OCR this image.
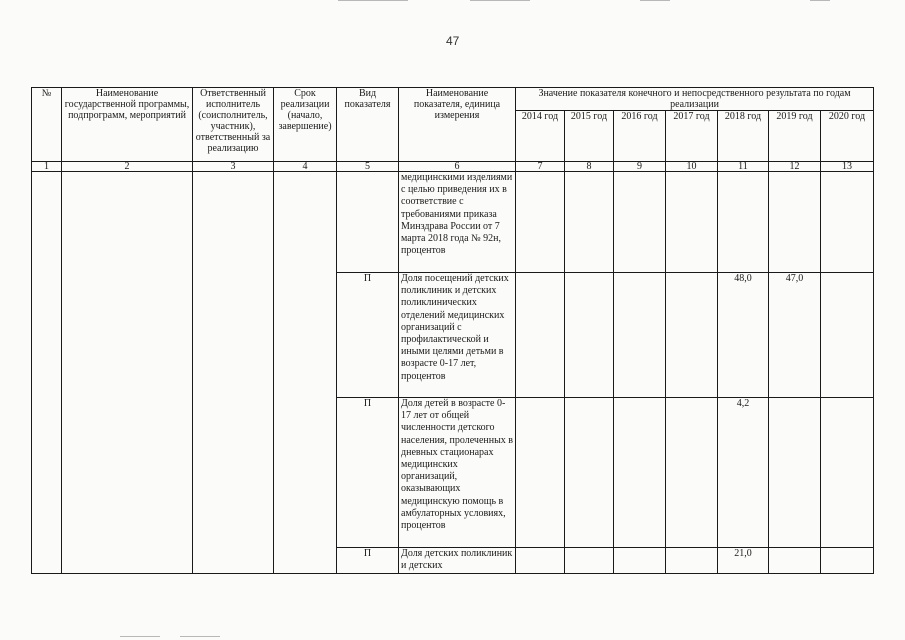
47
№	Наименование государственной программы, подпрограмм, мероприятий	Ответственный исполнитель (соисполнитель, участник), ответственный за реализацию	Срок реализации (начало, завершение)	Вид показателя	Наименование показателя, единица измерения	Значение показателя конечного и непосредственного результата по годам реализации						
						2014 год	2015 год	2016 год	2017 год	2018 год	2019 год	2020 год
1	2	3	4	5	6	7	8	9	10	11	12	13
					медицинскими изделиями с целью приведения их в соответствие с требованиями приказа Минздрава России от 7 марта 2018 года № 92н, процентов							
				П	Доля посещений детских поликлиник и детских поликлинических отделений медицинских организаций с профилактической и иными целями детьми в возрасте 0-17 лет, процентов					48,0	47,0	
				П	Доля детей в возрасте 0-17 лет от общей численности детского населения, пролеченных в дневных стационарах медицинских организаций, оказывающих медицинскую помощь в амбулаторных условиях, процентов					4,2		
				П	Доля детских поликлиник и детских					21,0		
